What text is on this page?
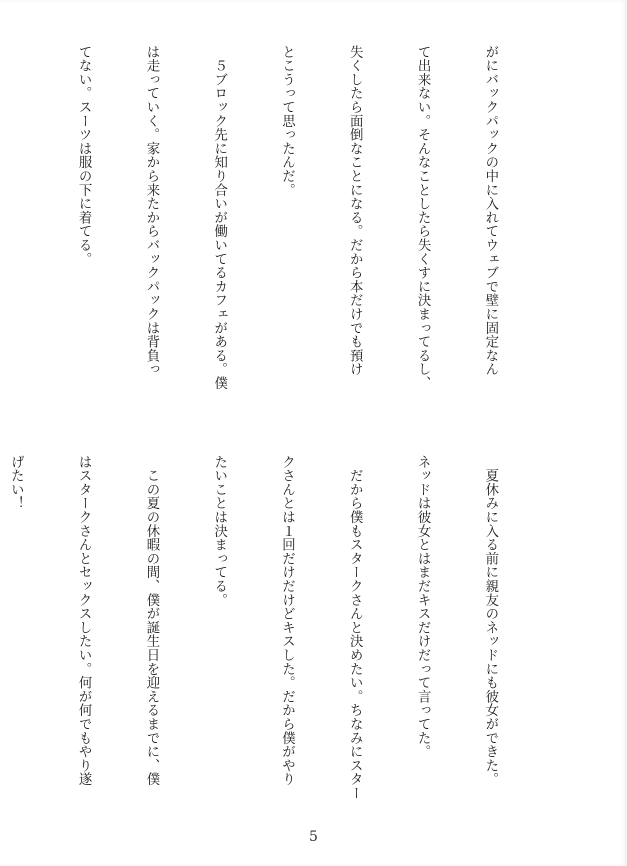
がにバックパックの中に入れてウェブで壁に固定なん

て出来ない。そんなことしたら失くすに決まってるし、

失くしたら面倒なことになる。だから本だけでも預け

とこうって思ったんだ。

　５ブロック先に知り合いが働いてるカフェがある。僕

は走っていく。家から来たからバックパックは背負っ

てない。スーツは服の下に着てる。

　夏休みに入る前に親友のネッドにも彼女ができた。

ネッドは彼女とはまだキスだけだって言ってた。

　だから僕もスタークさんと決めたい。ちなみにスター

クさんとは１回だけだけどキスした。だから僕がやり

たいことは決まってる。

　この夏の休暇の間、僕が誕生日を迎えるまでに、僕

はスタークさんとセックスしたい。何が何でもやり遂

げたい！

5
